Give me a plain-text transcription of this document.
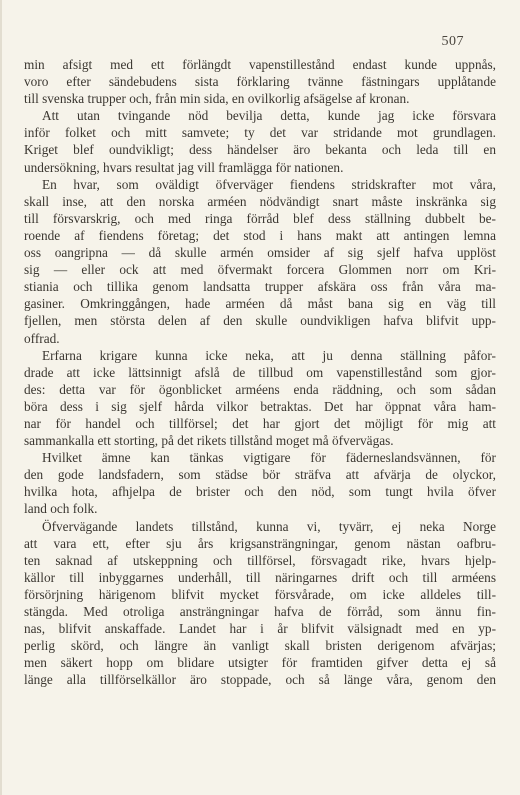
507
min afsigt med ett förlängdt vapenstillestånd endast kunde uppnås,
voro efter sändebudens sista förklaring tvänne fästningars upplåtande
till svenska trupper och, från min sida, en ovilkorlig afsägelse af kronan.
Att utan tvingande nöd bevilja detta, kunde jag icke försvara
inför folket och mitt samvete; ty det var stridande mot grundlagen.
Kriget blef oundvikligt; dess händelser äro bekanta och leda till en
undersökning, hvars resultat jag vill framlägga för nationen.
En hvar, som oväldigt öfverväger fiendens stridskrafter mot våra,
skall inse, att den norska arméen nödvändigt snart måste inskränka sig
till försvarskrig, och med ringa förråd blef dess ställning dubbelt be-
roende af fiendens företag; det stod i hans makt att antingen lemna
oss oangripna — då skulle armén omsider af sig sjelf hafva upplöst
sig — eller ock att med öfvermakt forcera Glommen norr om Kri-
stiania och tillika genom landsatta trupper afskära oss från våra ma-
gasiner. Omkringgången, hade arméen då måst bana sig en väg till
fjellen, men största delen af den skulle oundvikligen hafva blifvit upp-
offrad.
Erfarna krigare kunna icke neka, att ju denna ställning påfor-
drade att icke lättsinnigt afslå de tillbud om vapenstillestånd som gjor-
des: detta var för ögonblicket arméens enda räddning, och som sådan
böra dess i sig sjelf hårda vilkor betraktas. Det har öppnat våra ham-
nar för handel och tillförsel; det har gjort det möjligt för mig att
sammankalla ett storting, på det rikets tillstånd moget må öfvervägas.
Hvilket ämne kan tänkas vigtigare för fäderneslandsvännen, för
den gode landsfadern, som städse bör sträfva att afvärja de olyckor,
hvilka hota, afhjelpa de brister och den nöd, som tungt hvila öfver
land och folk.
Öfvervägande landets tillstånd, kunna vi, tyvärr, ej neka Norge
att vara ett, efter sju års krigsansträngningar, genom nästan oafbru-
ten saknad af utskeppning och tillförsel, försvagadt rike, hvars hjelp-
källor till inbyggarnes underhåll, till näringarnes drift och till arméens
försörjning härigenom blifvit mycket försvårade, om icke alldeles till-
stängda. Med otroliga ansträngningar hafva de förråd, som ännu fin-
nas, blifvit anskaffade. Landet har i år blifvit välsignadt med en yp-
perlig skörd, och längre än vanligt skall bristen derigenom afvärjas;
men säkert hopp om blidare utsigter för framtiden gifver detta ej så
länge alla tillförselkällor äro stoppade, och så länge våra, genom den
